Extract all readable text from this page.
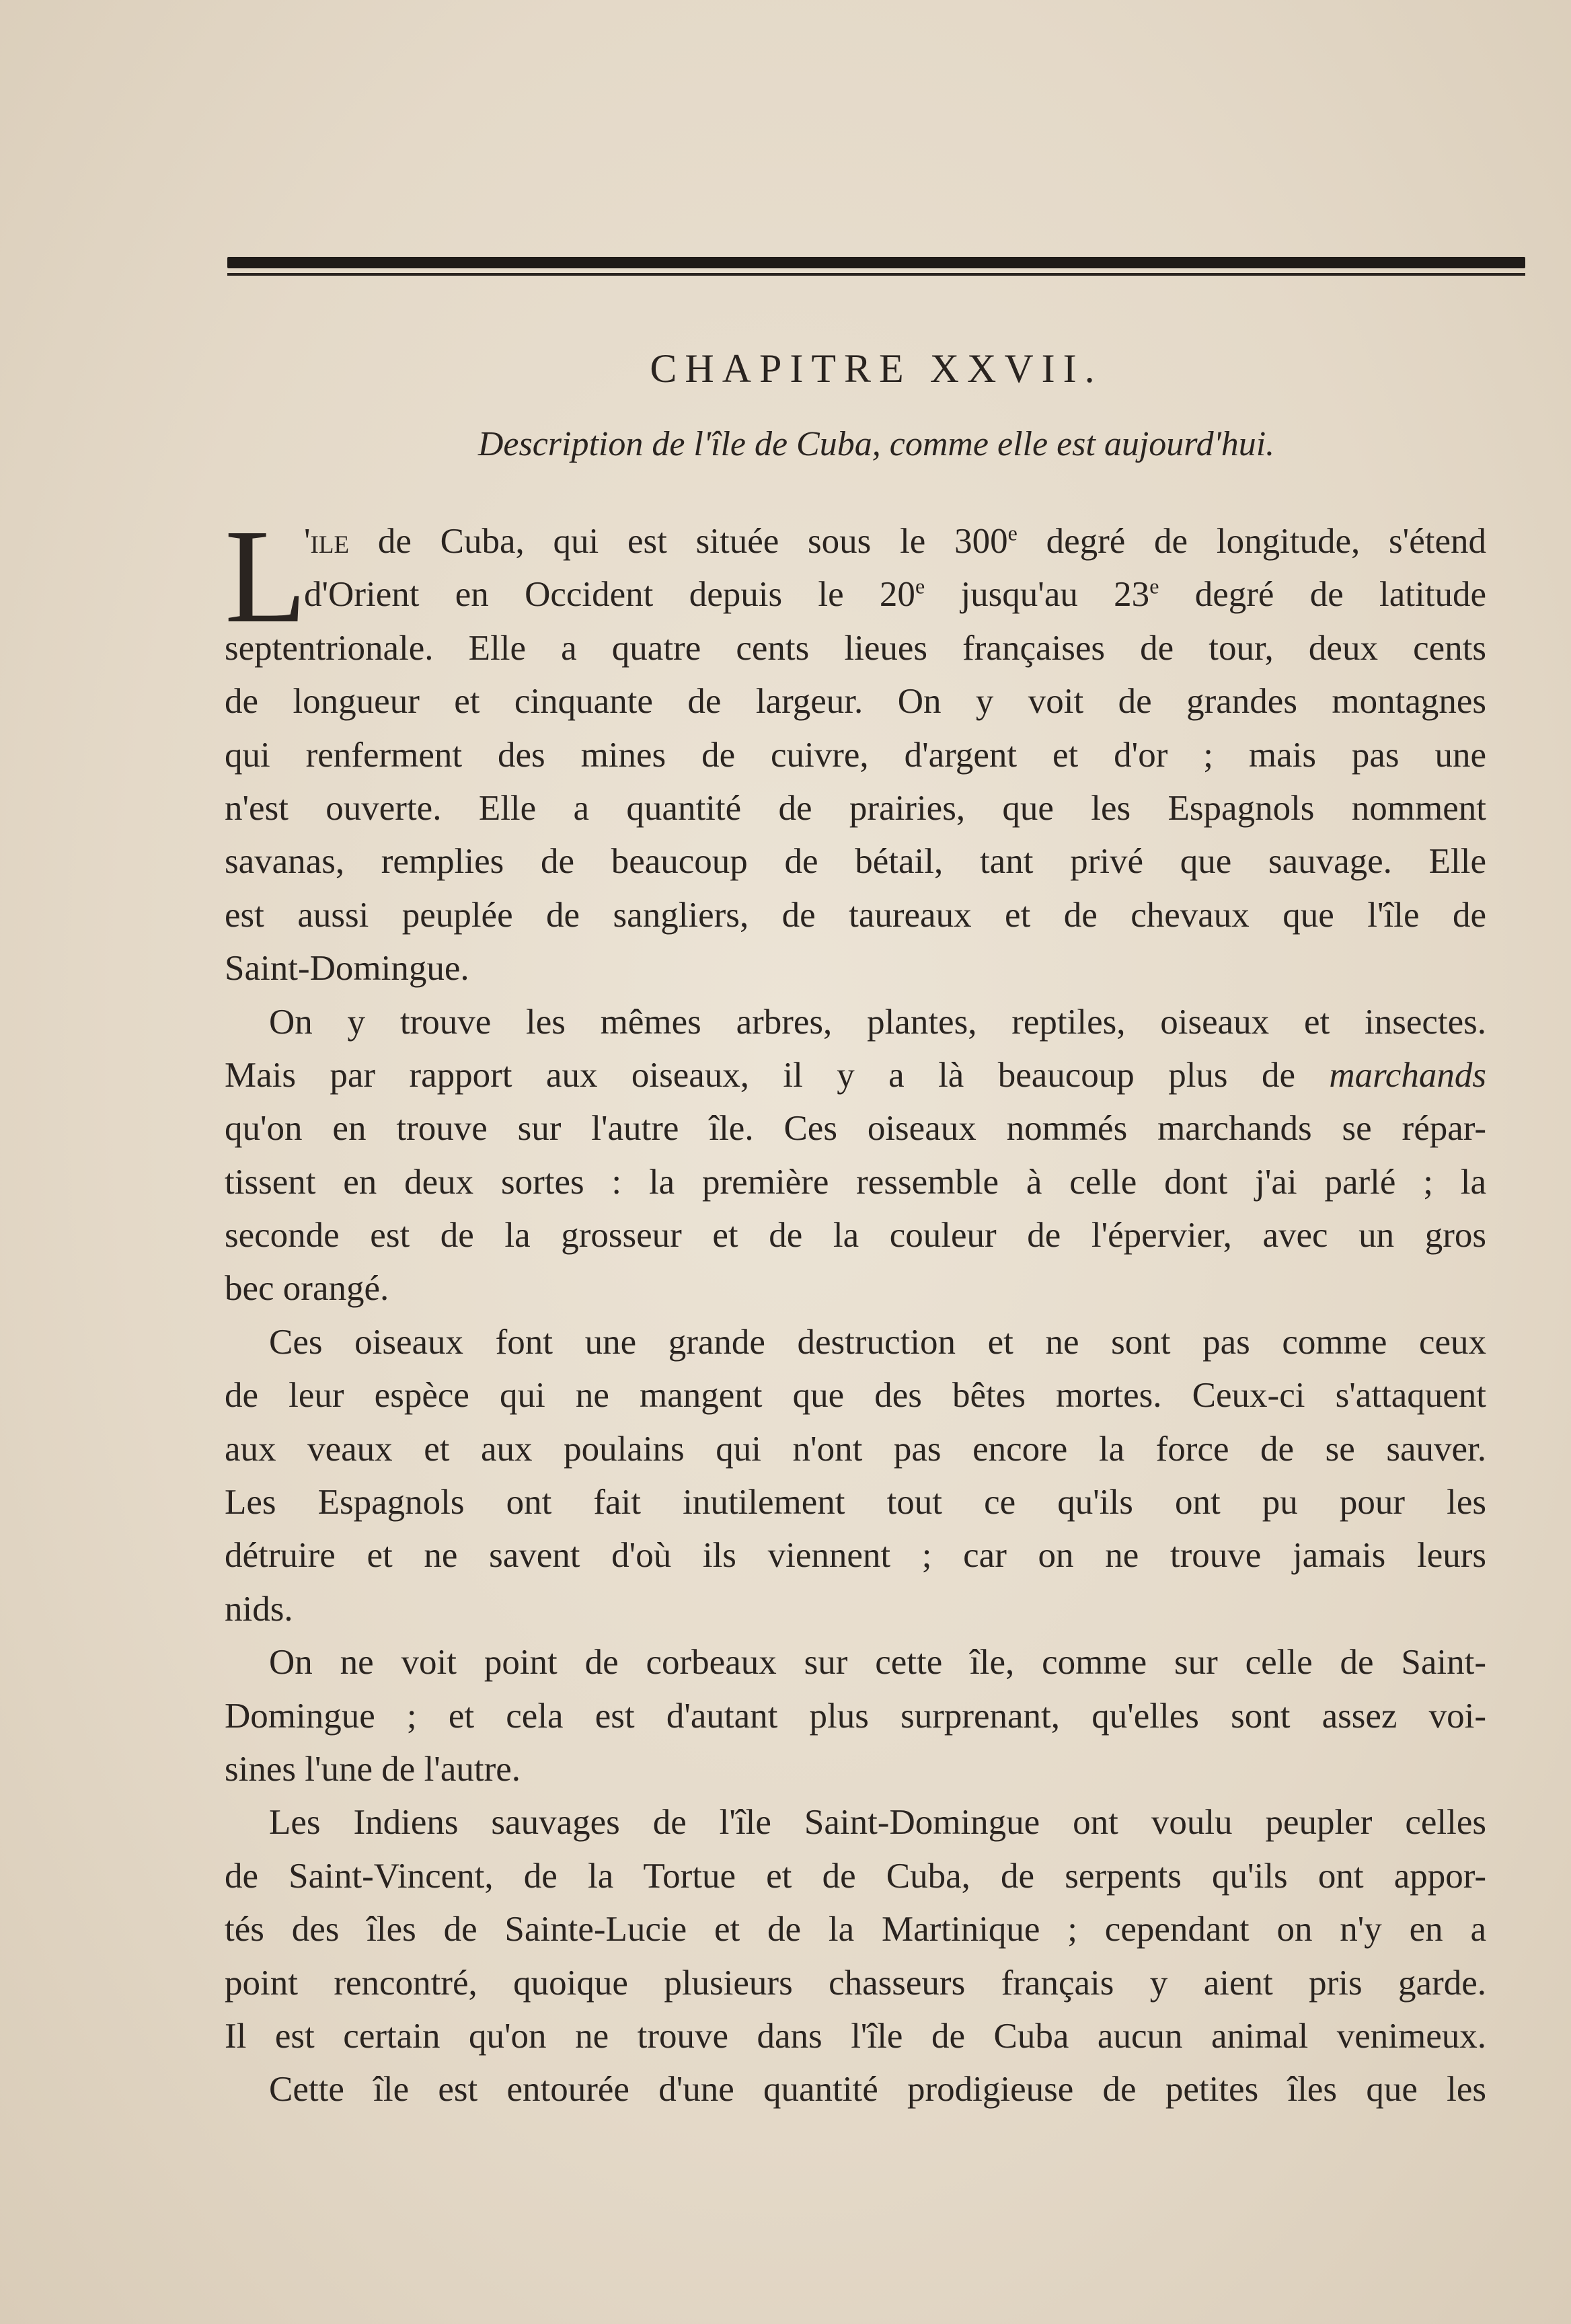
CHAPITRE XXVII.
Description de l'île de Cuba, comme elle est aujourd'hui.
L
'ile de Cuba, qui est située sous le 300e degré de longitude, s'étend
d'Orient en Occident depuis le 20e jusqu'au 23e degré de latitude
septentrionale. Elle a quatre cents lieues françaises de tour, deux cents
de longueur et cinquante de largeur. On y voit de grandes montagnes
qui renferment des mines de cuivre, d'argent et d'or ; mais pas une
n'est ouverte. Elle a quantité de prairies, que les Espagnols nomment
savanas, remplies de beaucoup de bétail, tant privé que sauvage. Elle
est aussi peuplée de sangliers, de taureaux et de chevaux que l'île de
Saint-Domingue.
On y trouve les mêmes arbres, plantes, reptiles, oiseaux et insectes.
Mais par rapport aux oiseaux, il y a là beaucoup plus de marchands
qu'on en trouve sur l'autre île. Ces oiseaux nommés marchands se répar-
tissent en deux sortes : la première ressemble à celle dont j'ai parlé ; la
seconde est de la grosseur et de la couleur de l'épervier, avec un gros
bec orangé.
Ces oiseaux font une grande destruction et ne sont pas comme ceux
de leur espèce qui ne mangent que des bêtes mortes. Ceux-ci s'attaquent
aux veaux et aux poulains qui n'ont pas encore la force de se sauver.
Les Espagnols ont fait inutilement tout ce qu'ils ont pu pour les
détruire et ne savent d'où ils viennent ; car on ne trouve jamais leurs
nids.
On ne voit point de corbeaux sur cette île, comme sur celle de Saint-
Domingue ; et cela est d'autant plus surprenant, qu'elles sont assez voi-
sines l'une de l'autre.
Les Indiens sauvages de l'île Saint-Domingue ont voulu peupler celles
de Saint-Vincent, de la Tortue et de Cuba, de serpents qu'ils ont appor-
tés des îles de Sainte-Lucie et de la Martinique ; cependant on n'y en a
point rencontré, quoique plusieurs chasseurs français y aient pris garde.
Il est certain qu'on ne trouve dans l'île de Cuba aucun animal venimeux.
Cette île est entourée d'une quantité prodigieuse de petites îles que les
